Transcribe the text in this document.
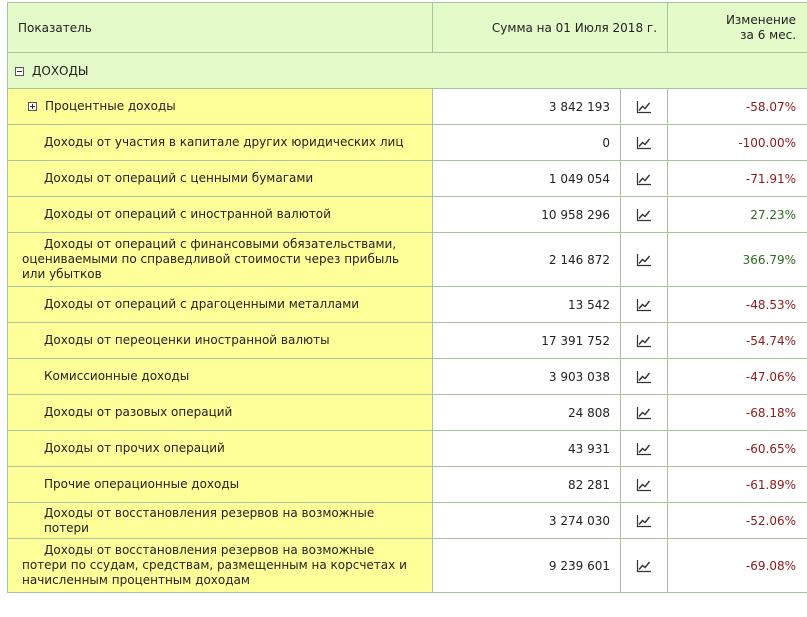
Показатель	Сумма на 01 Июля 2018 г.		Изменение
за 6 мес.
ДОХОДЫ			
Процентные доходы	3 842 193		-58.07%
Доходы от участия в капитале других юридических лиц	0		-100.00%
Доходы от операций с ценными бумагами	1 049 054		-71.91%
Доходы от операций с иностранной валютой	10 958 296		27.23%

Доходы от операций с финансовыми обязательствами, оцениваемыми по справедливой стоимости через прибыль или убытков	2 146 872		366.79%
Доходы от операций с драгоценными металлами	13 542		-48.53%
Доходы от переоценки иностранной валюты	17 391 752		-54.74%
Комиссионные доходы	3 903 038		-47.06%
Доходы от разовых операций	24 808		-68.18%
Доходы от прочих операций	43 931		-60.65%
Прочие операционные доходы	82 281		-61.89%
Доходы от восстановления резервов на возможные потери	3 274 030		-52.06%

Доходы от восстановления резервов на возможные потери по ссудам, средствам, размещенным на корсчетах и начисленным процентным доходам	9 239 601		-69.08%
